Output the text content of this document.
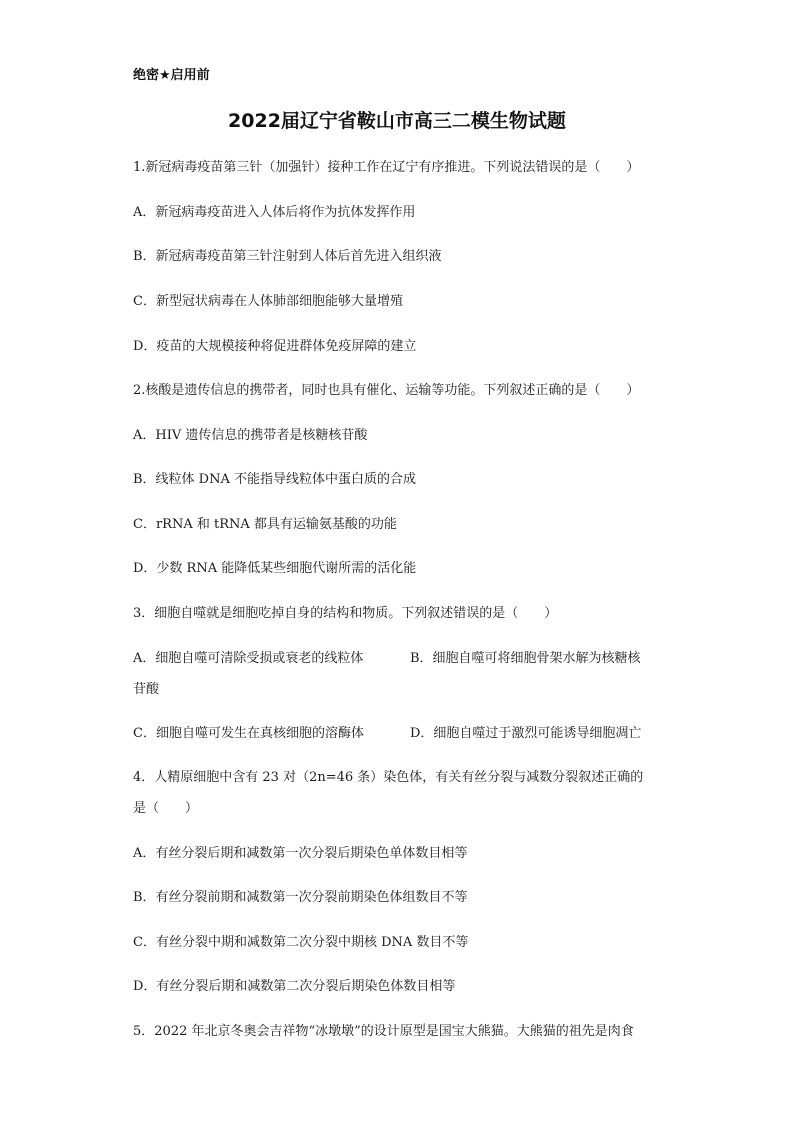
绝密★启用前
2022届辽宁省鞍山市高三二模生物试题
1.新冠病毒疫苗第三针（加强针）接种工作在辽宁有序推进。下列说法错误的是（　　）
A．新冠病毒疫苗进入人体后将作为抗体发挥作用
B．新冠病毒疫苗第三针注射到人体后首先进入组织液
C．新型冠状病毒在人体肺部细胞能够大量增殖
D．疫苗的大规模接种将促进群体免疫屏障的建立
2.核酸是遗传信息的携带者，同时也具有催化、运输等功能。下列叙述正确的是（　　）
A．HIV 遗传信息的携带者是核糖核苷酸
B．线粒体 DNA 不能指导线粒体中蛋白质的合成
C．rRNA 和 tRNA 都具有运输氨基酸的功能
D．少数 RNA 能降低某些细胞代谢所需的活化能
3．细胞自噬就是细胞吃掉自身的结构和物质。下列叙述错误的是（　　）
A．细胞自噬可清除受损或衰老的线粒体	B．细胞自噬可将细胞骨架水解为核糖核
苷酸
C．细胞自噬可发生在真核细胞的溶酶体	D．细胞自噬过于激烈可能诱导细胞凋亡
4．人精原细胞中含有 23 对（2n=46 条）染色体，有关有丝分裂与减数分裂叙述正确的
是（　　）
A．有丝分裂后期和减数第一次分裂后期染色单体数目相等
B．有丝分裂前期和减数第一次分裂前期染色体组数目不等
C．有丝分裂中期和减数第二次分裂中期核 DNA 数目不等
D．有丝分裂后期和减数第二次分裂后期染色体数目相等
5．2022 年北京冬奥会吉祥物“冰墩墩”的设计原型是国宝大熊猫。大熊猫的祖先是肉食
